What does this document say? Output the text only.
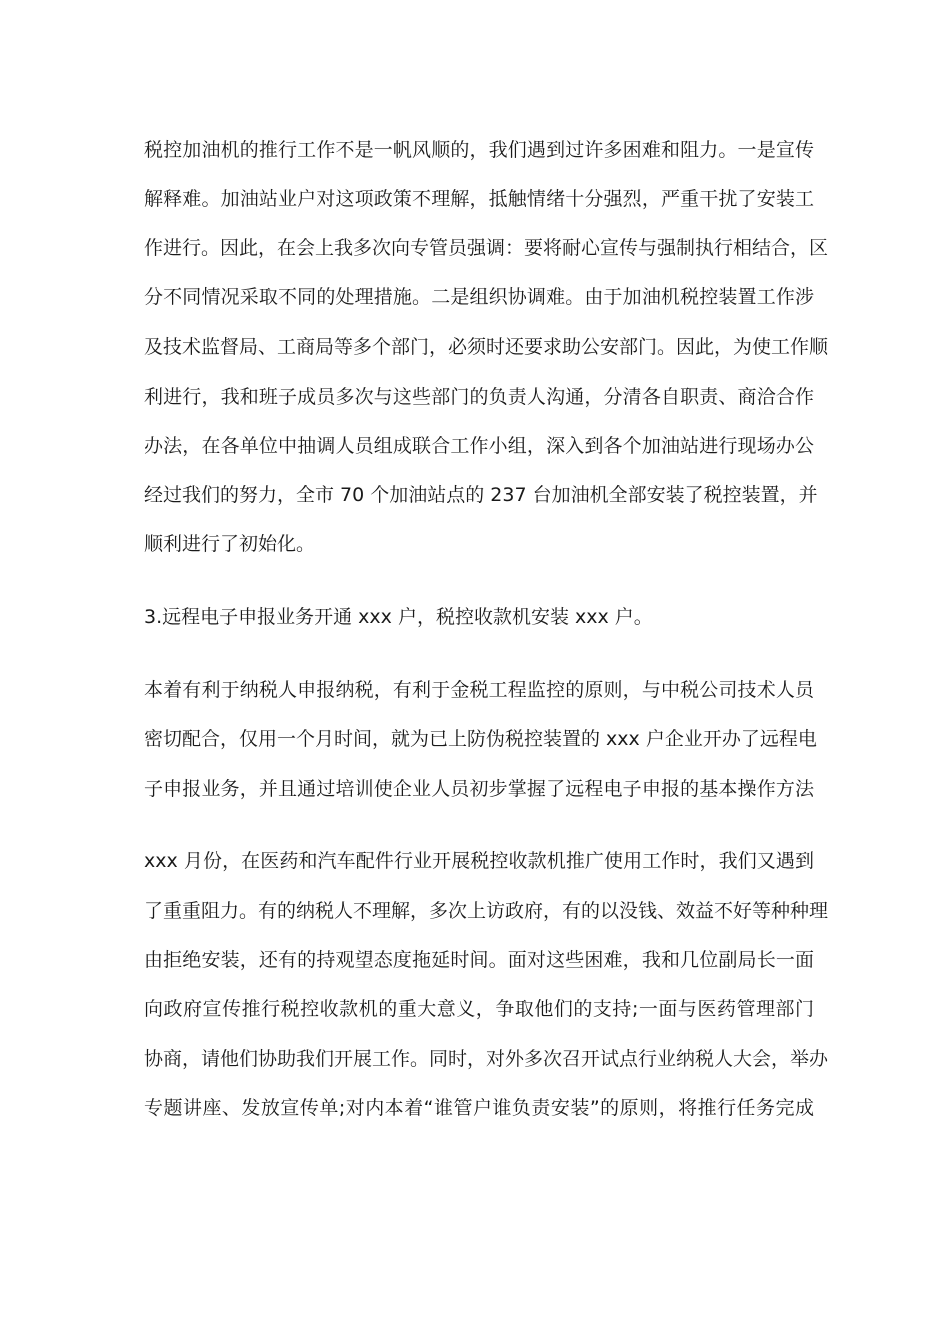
税控加油机的推行工作不是一帆风顺的，我们遇到过许多困难和阻力。一是宣传
解释难。加油站业户对这项政策不理解，抵触情绪十分强烈，严重干扰了安装工
作进行。因此，在会上我多次向专管员强调：要将耐心宣传与强制执行相结合，区
分不同情况采取不同的处理措施。二是组织协调难。由于加油机税控装置工作涉
及技术监督局、工商局等多个部门，必须时还要求助公安部门。因此，为使工作顺
利进行，我和班子成员多次与这些部门的负责人沟通，分清各自职责、商洽合作
办法，在各单位中抽调人员组成联合工作小组，深入到各个加油站进行现场办公
经过我们的努力，全市 70 个加油站点的 237 台加油机全部安装了税控装置，并
顺利进行了初始化。
3.远程电子申报业务开通 xxx 户，税控收款机安装 xxx 户。
本着有利于纳税人申报纳税，有利于金税工程监控的原则，与中税公司技术人员
密切配合，仅用一个月时间，就为已上防伪税控装置的 xxx 户企业开办了远程电
子申报业务，并且通过培训使企业人员初步掌握了远程电子申报的基本操作方法
xxx 月份，在医药和汽车配件行业开展税控收款机推广使用工作时，我们又遇到
了重重阻力。有的纳税人不理解，多次上访政府，有的以没钱、效益不好等种种理
由拒绝安装，还有的持观望态度拖延时间。面对这些困难，我和几位副局长一面
向政府宣传推行税控收款机的重大意义，争取他们的支持;一面与医药管理部门
协商，请他们协助我们开展工作。同时，对外多次召开试点行业纳税人大会，举办
专题讲座、发放宣传单;对内本着“谁管户谁负责安装”的原则，将推行任务完成
